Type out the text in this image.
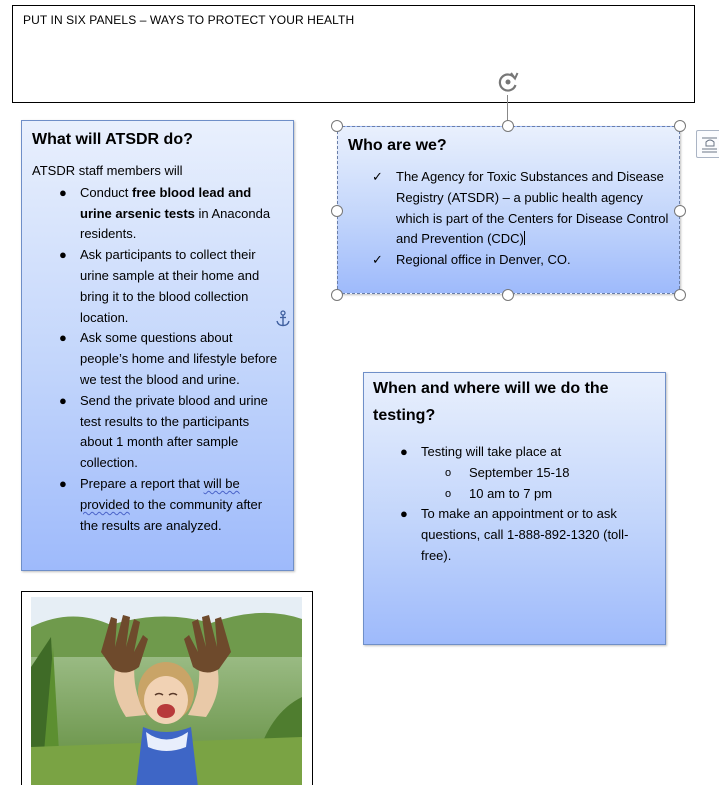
PUT IN SIX PANELS – WAYS TO PROTECT YOUR HEALTH
What will ATSDR do?
ATSDR staff members will
● Conduct free blood lead and urine arsenic tests in Anaconda residents.
● Ask participants to collect their urine sample at their home and bring it to the blood collection location.
● Ask some questions about people’s home and lifestyle before we test the blood and urine.
● Send the private blood and urine test results to the participants about 1 month after sample collection.
● Prepare a report that will be provided to the community after the results are analyzed.
Who are we?
✓ The Agency for Toxic Substances and Disease Registry (ATSDR) – a public health agency which is part of the Centers for Disease Control and Prevention (CDC)
✓ Regional office in Denver, CO.
When and where will we do the testing?
● Testing will take place at
o September 15-18
o 10 am to 7 pm
● To make an appointment or to ask questions, call 1-888-892-1320 (toll-free).
